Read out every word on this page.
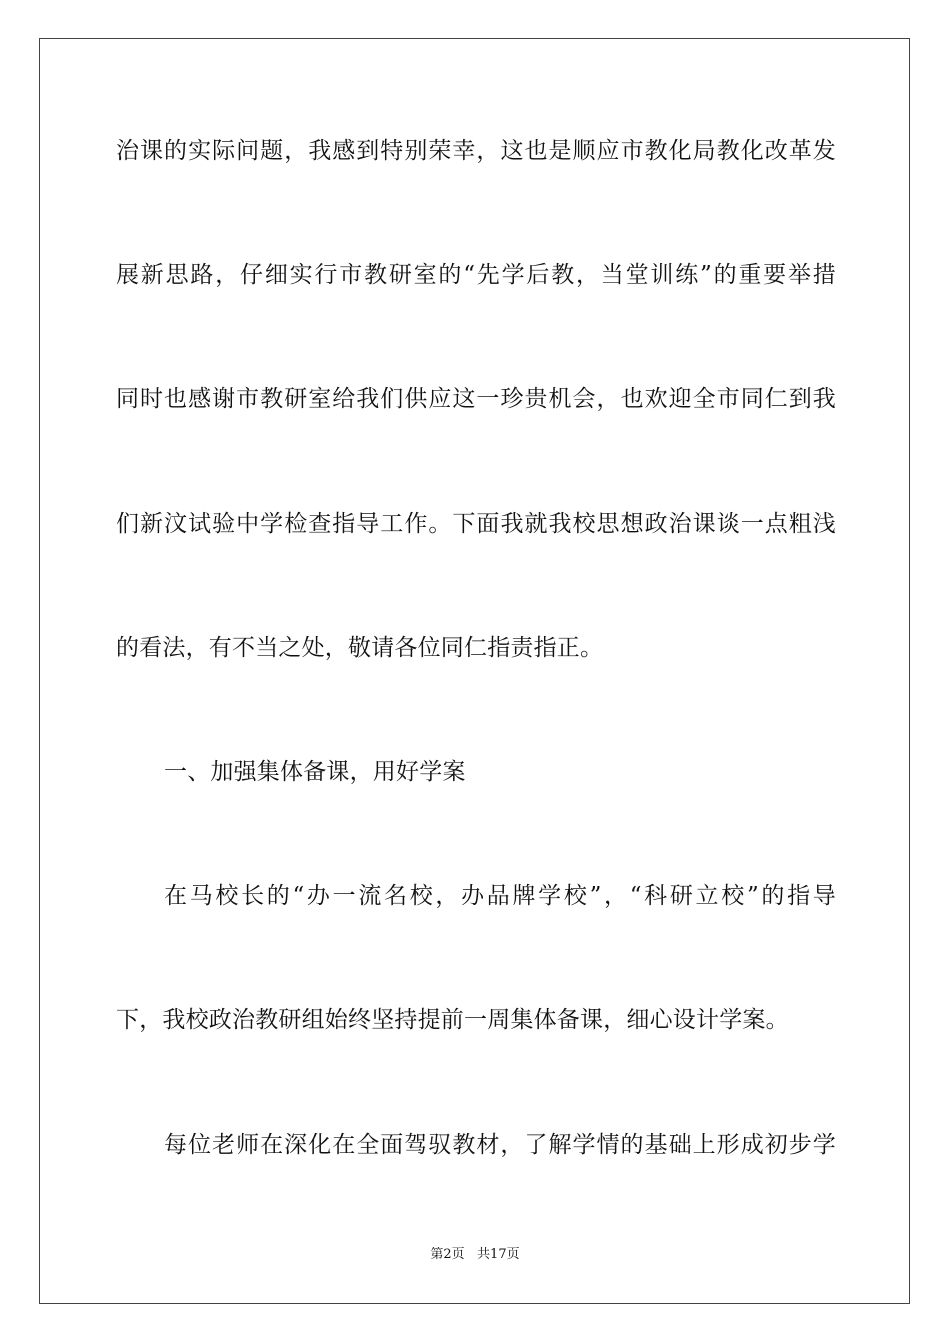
治课的实际问题，我感到特别荣幸，这也是顺应市教化局教化改革发
展新思路，仔细实行市教研室的“先学后教，当堂训练”的重要举措
同时也感谢市教研室给我们供应这一珍贵机会，也欢迎全市同仁到我
们新汶试验中学检查指导工作。下面我就我校思想政治课谈一点粗浅
的看法，有不当之处，敬请各位同仁指责指正。
一、加强集体备课，用好学案
在马校长的“办一流名校，办品牌学校”，“科研立校”的指导
下，我校政治教研组始终坚持提前一周集体备课，细心设计学案。
每位老师在深化在全面驾驭教材，了解学情的基础上形成初步学
第2页   共17页
